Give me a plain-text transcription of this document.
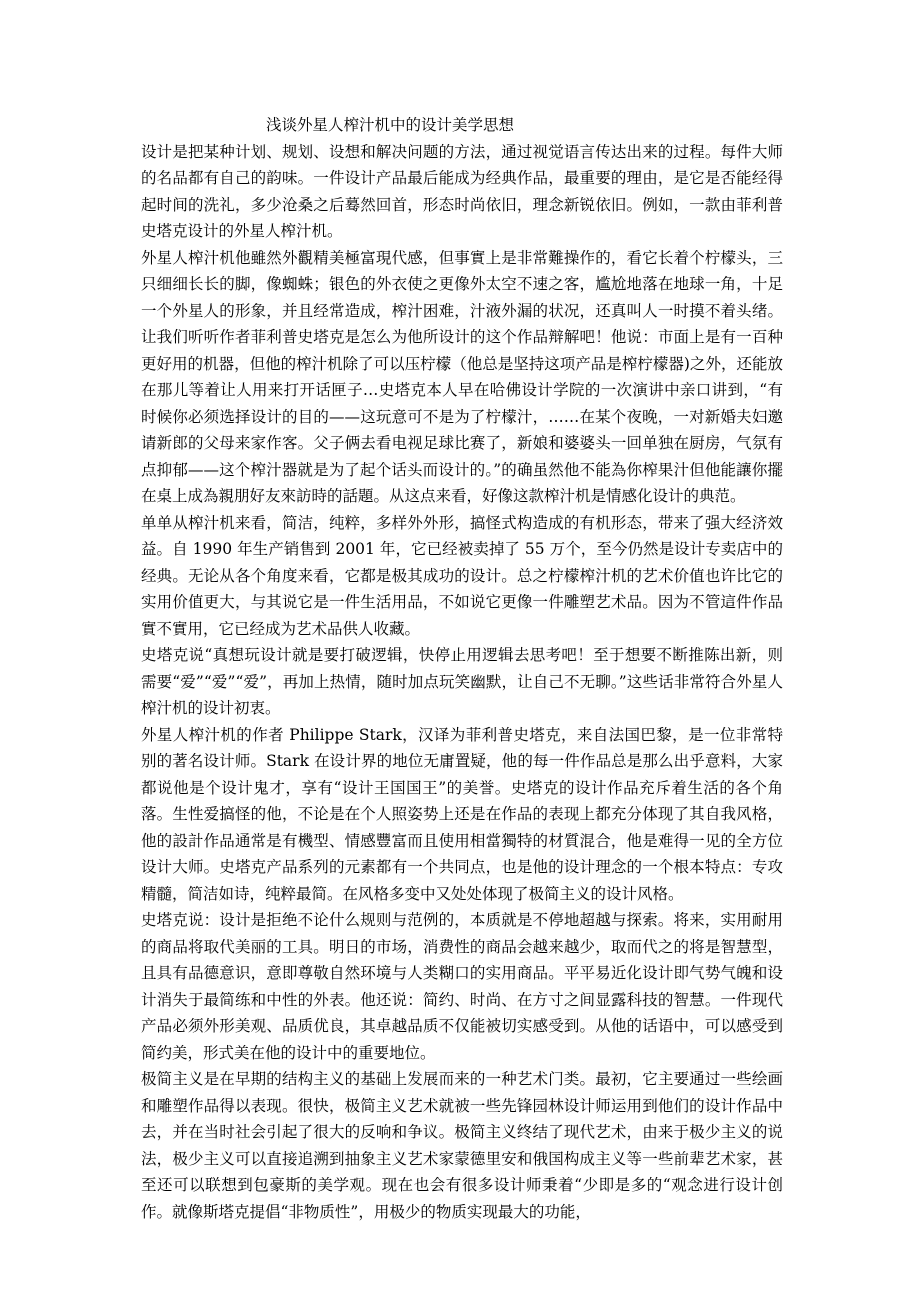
浅谈外星人榨汁机中的设计美学思想

设计是把某种计划、规划、设想和解决问题的方法，通过视觉语言传达出来的过程。每件大师的名品都有自己的韵味。一件设计产品最后能成为经典作品，最重要的理由，是它是否能经得起时间的洗礼，多少沧桑之后蓦然回首，形态时尚依旧，理念新锐依旧。例如，一款由菲利普史塔克设计的外星人榨汁机。

外星人榨汁机他雖然外觀精美極富現代感，但事實上是非常難操作的，看它长着个柠檬头，三只细细长长的脚，像蜘蛛；银色的外衣使之更像外太空不速之客，尴尬地落在地球一角，十足一个外星人的形象，并且经常造成，榨汁困难，汁液外漏的状况，还真叫人一时摸不着头绪。让我们听听作者菲利普史塔克是怎么为他所设计的这个作品辩解吧！他说：市面上是有一百种更好用的机器，但他的榨汁机除了可以压柠檬（他总是坚持这项产品是榨柠檬器)之外，还能放在那儿等着让人用来打开话匣子…史塔克本人早在哈佛设计学院的一次演讲中亲口讲到，“有时候你必须选择设计的目的——这玩意可不是为了柠檬汁，……在某个夜晚，一对新婚夫妇邀请新郎的父母来家作客。父子俩去看电视足球比赛了，新娘和婆婆头一回单独在厨房，气氛有点抑郁——这个榨汁器就是为了起个话头而设计的。”的确虽然他不能為你榨果汁但他能讓你擺在桌上成為親朋好友來訪時的話題。从这点来看，好像这款榨汁机是情感化设计的典范。

单单从榨汁机来看，简洁，纯粹，多样外外形，搞怪式构造成的有机形态，带来了强大经济效益。自 1990 年生产销售到 2001 年，它已经被卖掉了 55 万个，至今仍然是设计专卖店中的经典。无论从各个角度来看，它都是极其成功的设计。总之柠檬榨汁机的艺术价值也许比它的实用价值更大，与其说它是一件生活用品，不如说它更像一件雕塑艺术品。因为不管這件作品實不實用，它已经成为艺术品供人收藏。

史塔克说“真想玩设计就是要打破逻辑，快停止用逻辑去思考吧！至于想要不断推陈出新，则需要“爱”“爱”“爱”，再加上热情，随时加点玩笑幽默，让自己不无聊。”这些话非常符合外星人榨汁机的设计初衷。

外星人榨汁机的作者 Philippe Stark，汉译为菲利普史塔克，来自法国巴黎，是一位非常特别的著名设计师。Stark 在设计界的地位无庸置疑，他的每一件作品总是那么出乎意料，大家都说他是个设计鬼才，享有“设计王国国王”的美誉。史塔克的设计作品充斥着生活的各个角落。生性爱搞怪的他，不论是在个人照姿势上还是在作品的表现上都充分体现了其自我风格，他的設計作品通常是有機型、情感豐富而且使用相當獨特的材質混合，他是难得一见的全方位设计大师。史塔克产品系列的元素都有一个共同点，也是他的设计理念的一个根本特点：专攻精髓，简洁如诗，纯粹最简。在风格多变中又处处体现了极简主义的设计风格。

史塔克说：设计是拒绝不论什么规则与范例的，本质就是不停地超越与探索。将来，实用耐用的商品将取代美丽的工具。明日的市场，消费性的商品会越来越少，取而代之的将是智慧型，且具有品德意识，意即尊敬自然环境与人类糊口的实用商品。平平易近化设计即气势气魄和设计消失于最简练和中性的外表。他还说：简约、时尚、在方寸之间显露科技的智慧。一件现代产品必须外形美观、品质优良，其卓越品质不仅能被切实感受到。从他的话语中，可以感受到简约美，形式美在他的设计中的重要地位。

极简主义是在早期的结构主义的基础上发展而来的一种艺术门类。最初，它主要通过一些绘画和雕塑作品得以表现。很快，极简主义艺术就被一些先锋园林设计师运用到他们的设计作品中去，并在当时社会引起了很大的反响和争议。极简主义终结了现代艺术，由来于极少主义的说法，极少主义可以直接追溯到抽象主义艺术家蒙德里安和俄国构成主义等一些前辈艺术家，甚至还可以联想到包豪斯的美学观。现在也会有很多设计师秉着“少即是多的“观念进行设计创作。就像斯塔克提倡“非物质性”，用极少的物质实现最大的功能，
